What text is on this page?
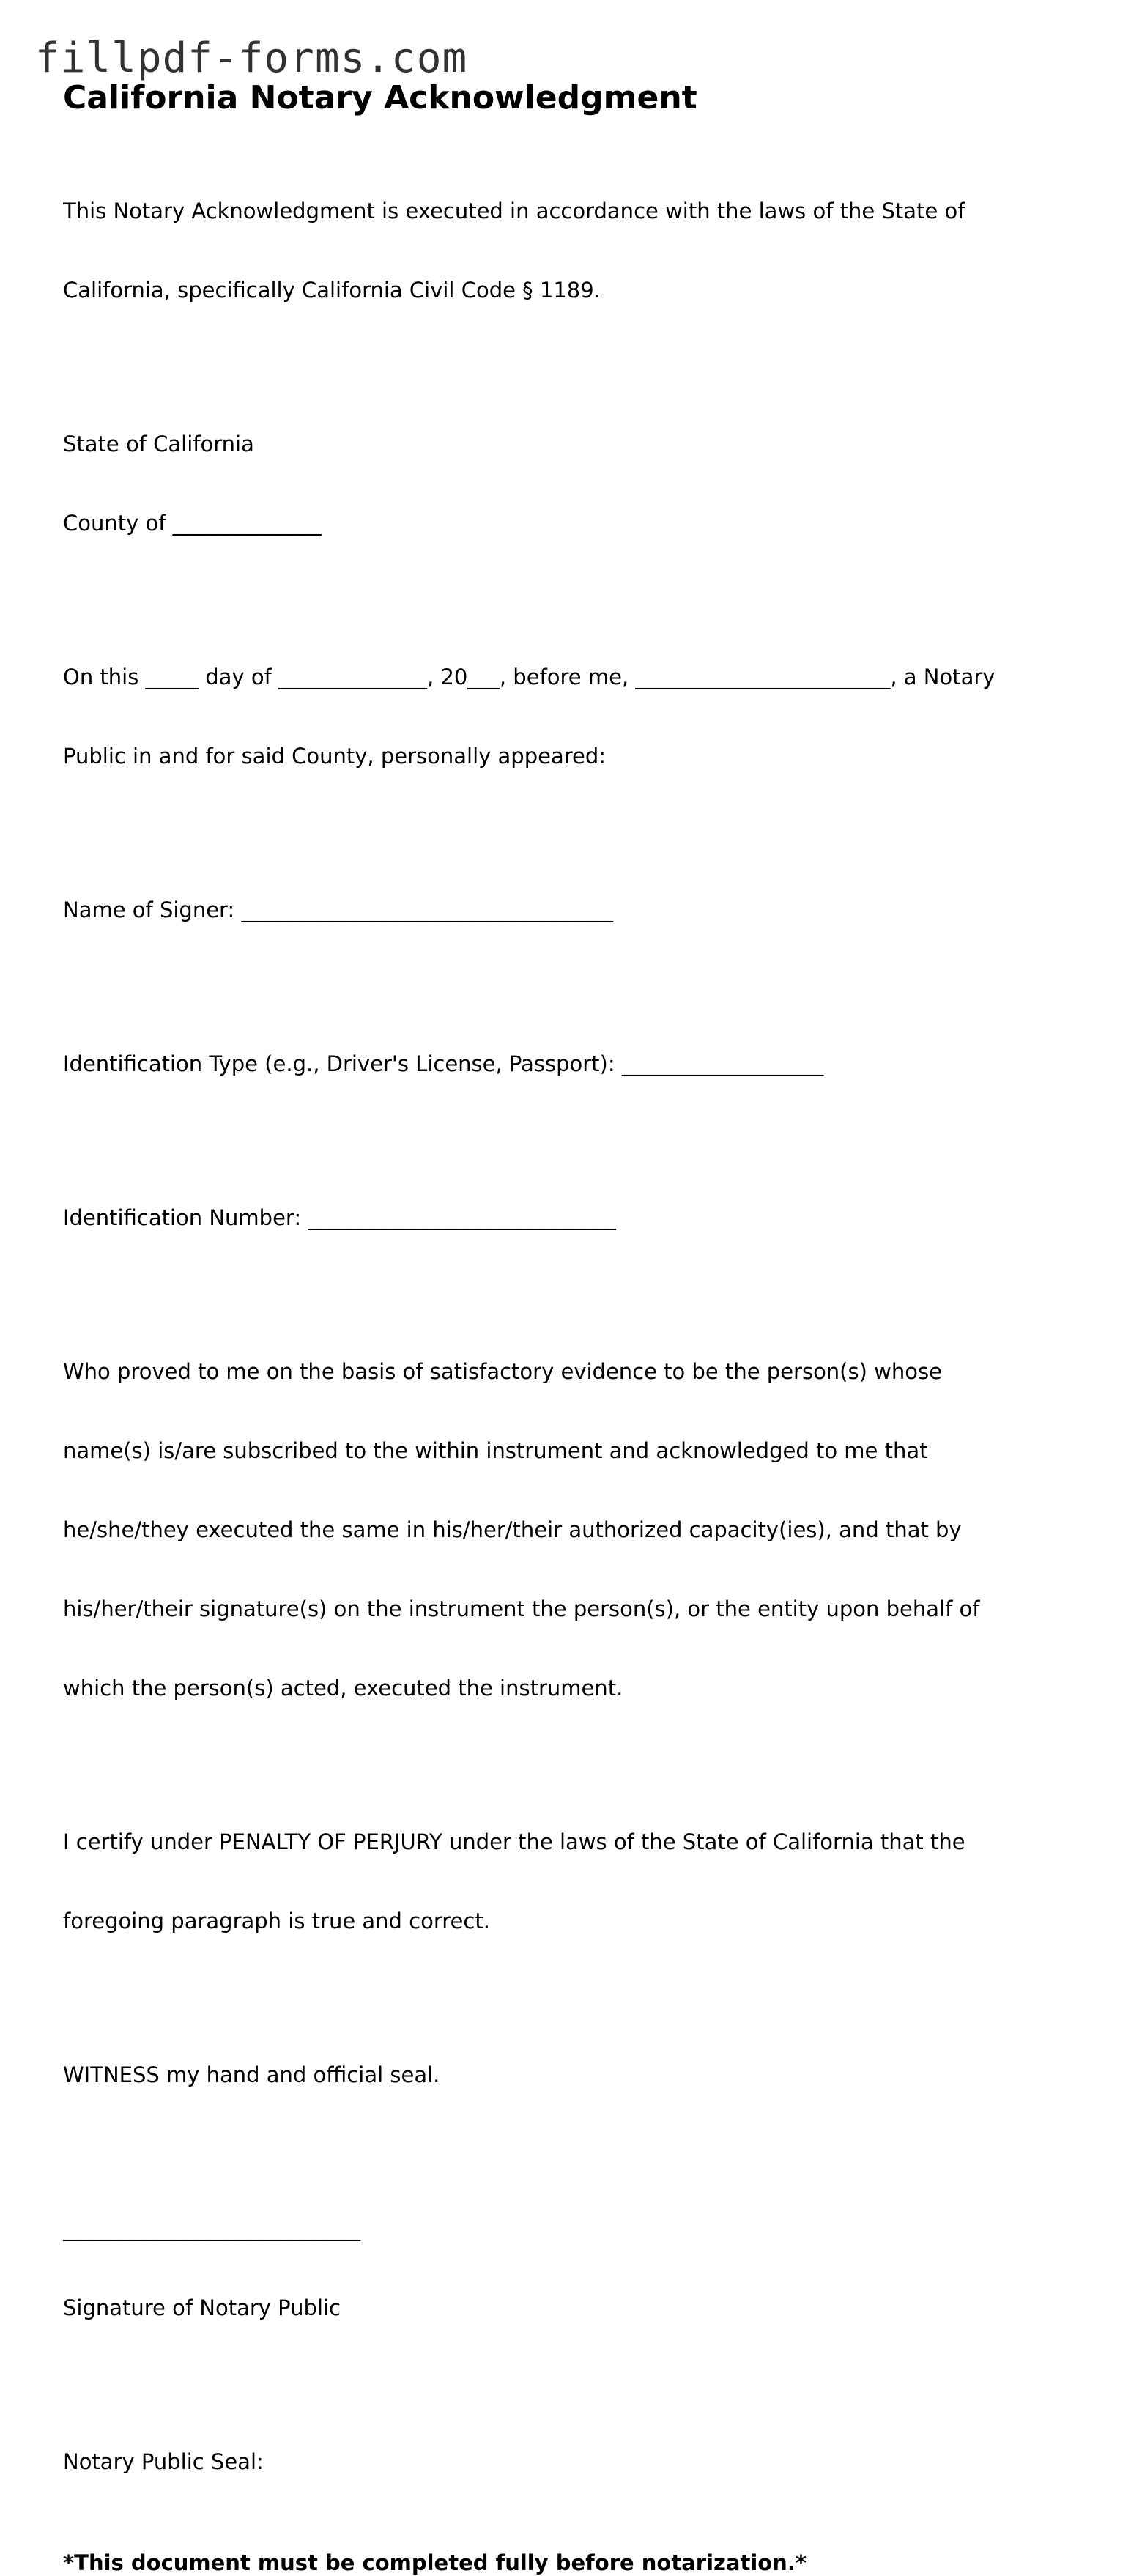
fillpdf-forms.com
California Notary Acknowledgment

This Notary Acknowledgment is executed in accordance with the laws of the State of

California, specifically California Civil Code § 1189.

State of California

County of ______________

On this _____ day of ______________, 20___, before me, ________________________, a Notary

Public in and for said County, personally appeared:

Name of Signer: ___________________________________

Identification Type (e.g., Driver's License, Passport): ___________________

Identification Number: _____________________________

Who proved to me on the basis of satisfactory evidence to be the person(s) whose

name(s) is/are subscribed to the within instrument and acknowledged to me that

he/she/they executed the same in his/her/their authorized capacity(ies), and that by

his/her/their signature(s) on the instrument the person(s), or the entity upon behalf of

which the person(s) acted, executed the instrument.

I certify under PENALTY OF PERJURY under the laws of the State of California that the

foregoing paragraph is true and correct.

WITNESS my hand and official seal.

____________________________

Signature of Notary Public

Notary Public Seal:

*This document must be completed fully before notarization.*
